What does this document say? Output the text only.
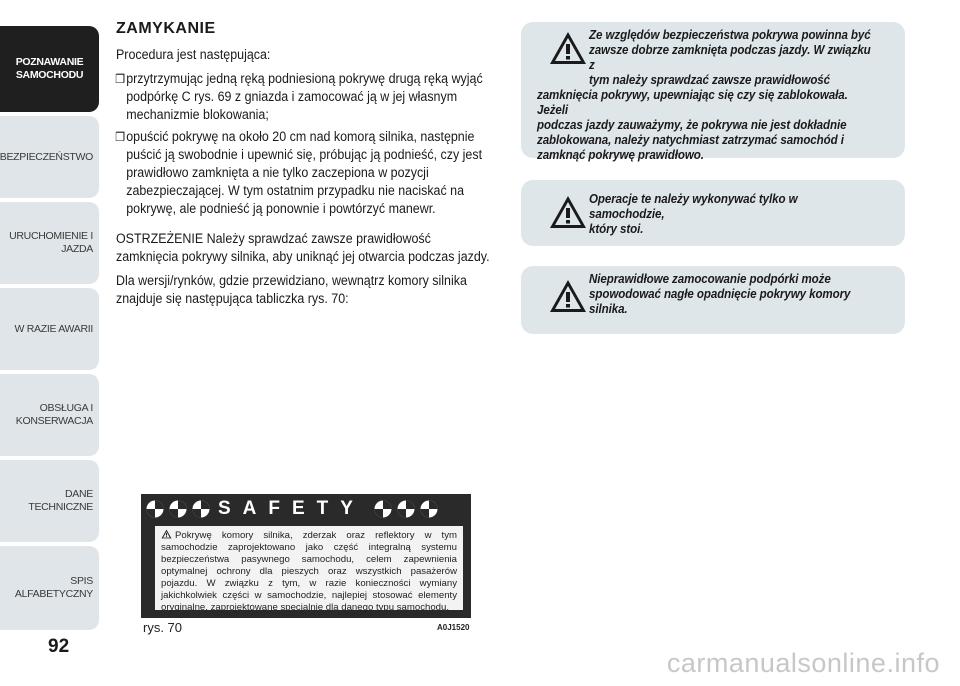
POZNAWANIE
SAMOCHODU
BEZPIECZEŃSTWO
URUCHOMIENIE I
JAZDA
W RAZIE AWARII
OBSŁUGA I
KONSERWACJA
DANE TECHNICZNE
SPIS ALFABETYCZNY
92
ZAMYKANIE
Procedura jest następująca:
❒ przytrzymując jedną ręką podniesioną pokrywę drugą ręką wyjąć podpórkę C rys. 69 z gniazda i zamocować ją w jej własnym mechanizmie blokowania;
❒ opuścić pokrywę na około 20 cm nad komorą silnika, następnie puścić ją swobodnie i upewnić się, próbując ją podnieść, czy jest prawidłowo zamknięta a nie tylko zaczepiona w pozycji zabezpieczającej. W tym ostatnim przypadku nie naciskać na pokrywę, ale podnieść ją ponownie i powtórzyć manewr.
OSTRZEŻENIE Należy sprawdzać zawsze prawidłowość zamknięcia pokrywy silnika, aby uniknąć jej otwarcia podczas jazdy.
Dla wersji/rynków, gdzie przewidziano, wewnątrz komory silnika znajduje się następująca tabliczka rys. 70:
Ze względów bezpieczeństwa pokrywa powinna być
zawsze dobrze zamknięta podczas jazdy. W związku z
tym należy sprawdzać zawsze prawidłowość
zamknięcia pokrywy, upewniając się czy się zablokowała. Jeżeli
podczas jazdy zauważymy, że pokrywa nie jest dokładnie
zablokowana, należy natychmiast zatrzymać samochód i
zamknąć pokrywę prawidłowo.
Operacje te należy wykonywać tylko w samochodzie,
który stoi.
Nieprawidłowe zamocowanie podpórki może
spowodować nagłe opadnięcie pokrywy komory
silnika.
SAFETY
Pokrywę komory silnika, zderzak oraz reflektory w tym samochodzie zaprojektowano jako część integralną systemu bezpieczeństwa pasywnego samochodu, celem zapewnienia optymalnej ochrony dla pieszych oraz wszystkich pasażerów pojazdu. W związku z tym, w razie konieczności wymiany jakichkolwiek części w samochodzie, najlepiej stosować elementy oryginalne, zaprojektowane specjalnie dla danego typu samochodu.
rys. 70	A0J1520
carmanualsonline.info
